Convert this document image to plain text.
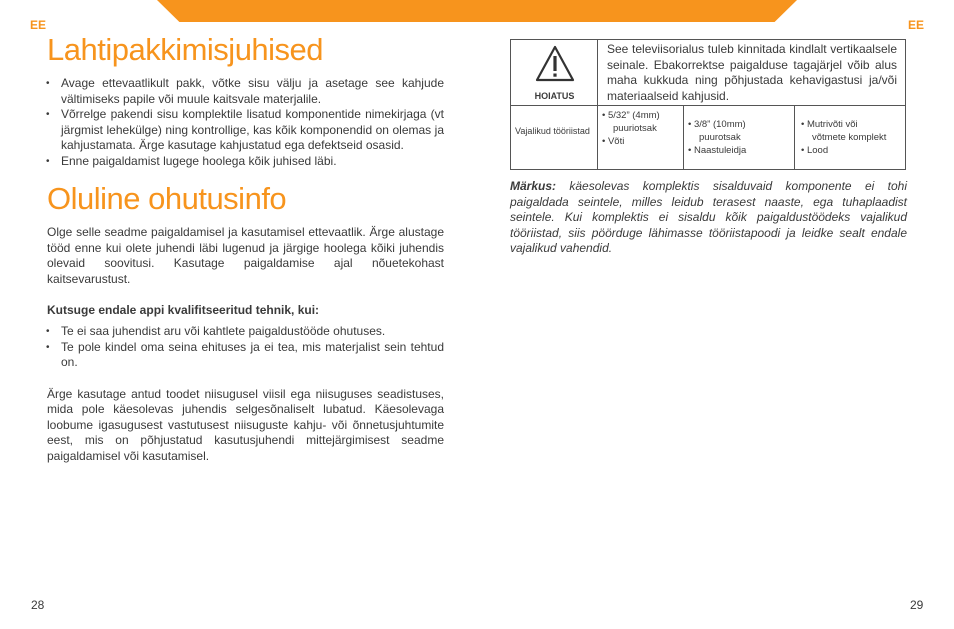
EE	EE
Lahtipakkimisjuhised
• Avage ettevaatlikult pakk, võtke sisu välju ja asetage see kahjude vältimiseks papile või muule kaitsvale materjalile.
• Võrrelge pakendi sisu komplektile lisatud komponentide nimekirjaga (vt järgmist lehekülge) ning kontrollige, kas kõik komponendid on olemas ja kahjustamata. Ärge kasutage kahjustatud ega defektseid osasid.
• Enne paigaldamist lugege hoolega kõik juhised läbi.
Oluline ohutusinfo

Olge selle seadme paigaldamisel ja kasutamisel ettevaatlik. Ärge alustage tööd enne kui olete juhendi läbi lugenud ja järgige hoolega kõiki juhendis olevaid soovitusi. Kasutage paigaldamise ajal nõuetekohast kaitsevarustust.

Kutsuge endale appi kvalifitseeritud tehnik, kui:

• Te ei saa juhendist aru või kahtlete paigaldustööde ohutuses.
• Te pole kindel oma seina ehituses ja ei tea, mis materjalist sein tehtud on.

Ärge kasutage antud toodet niisugusel viisil ega niisuguses seadistuses, mida pole käesolevas juhendis selgesõnaliselt lubatud. Käesolevaga loobume igasugusest vastutusest niisuguste kahju- või õnnetusjuhtumite eest, mis on põhjustatud kasutusjuhendi mittejärgimisest seadme paigaldamisel või kasutamisel.

HOIATUS
See televiisorialus tuleb kinnitada kindlalt vertikaalsele seinale. Ebakorrektse paigalduse tagajärjel võib alus maha kukkuda ning põhjustada kehavigastusi ja/või materiaalseid kahjusid.
Vajalikud tööriistad
• 5/32” (4mm)
puuriotsak
• Võti
• 3/8” (10mm)
puurotsak
• Naastuleidja
• Mutrivõti või
võtmete komplekt
• Lood
Märkus: käesolevas komplektis sisalduvaid komponente ei tohi paigaldada seintele, milles leidub terasest naaste, ega tuhaplaadist seintele. Kui komplektis ei sisaldu kõik paigaldustöödeks vajalikud tööriistad, siis pöörduge lähimasse tööriistapoodi ja leidke sealt endale vajalikud vahendid.
28	29
